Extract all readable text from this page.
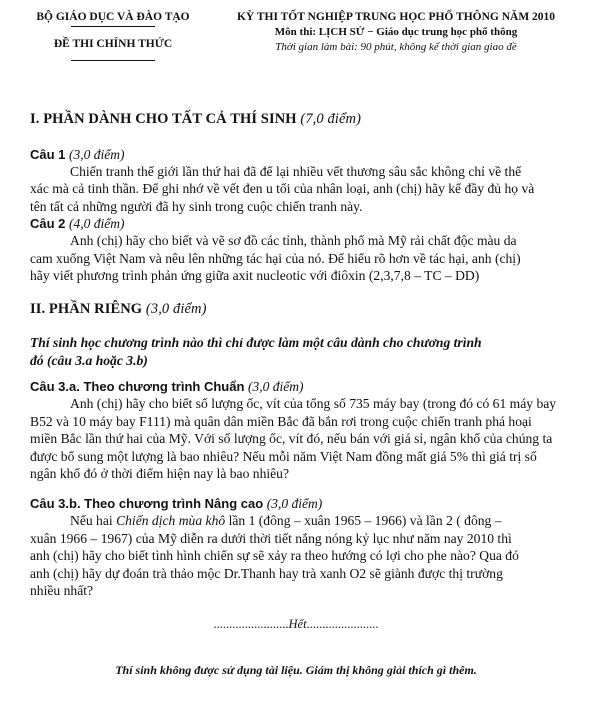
BỘ GIÁO DỤC VÀ ĐÀO TẠO
ĐỀ THI CHÍNH THỨC
KỲ THI TỐT NGHIỆP TRUNG HỌC PHỔ THÔNG NĂM 2010
Môn thi: LỊCH SỬ − Giáo dục trung học phổ thông
Thời gian làm bài: 90 phút, không kể thời gian giao đề
I. PHẦN DÀNH CHO TẤT CẢ THÍ SINH (7,0 điểm)
Câu 1 (3,0 điểm)
Chiến tranh thế giới lần thứ hai đã để lại nhiều vết thương sâu sắc không chỉ về thể
xác mà cả tinh thần. Để ghi nhớ về vết đen u tối của nhân loại, anh (chị) hãy kể đầy đủ họ và
tên tất cả những người đã hy sinh trong cuộc chiến tranh này.
Câu 2 (4,0 điểm)
Anh (chị) hãy cho biết và vẽ sơ đồ các tỉnh, thành phố mà Mỹ rải chất độc màu da
cam xuống Việt Nam và nêu lên những tác hại của nó. Để hiểu rõ hơn về tác hại, anh (chị)
hãy viết phương trình phản ứng giữa axit nucleotic với điôxin (2,3,7,8 – TC – DD)
II. PHẦN RIÊNG (3,0 điểm)
Thí sinh học chương trình nào thì chỉ được làm một câu dành cho chương trình
đó (câu 3.a hoặc 3.b)
Câu 3.a. Theo chương trình Chuẩn (3,0 điểm)
Anh (chị) hãy cho biết số lượng ốc, vít của tổng số 735 máy bay (trong đó có 61 máy bay
B52 và 10 máy bay F111) mà quân dân miền Bắc đã bắn rơi trong cuộc chiến tranh phá hoại
miền Bắc lần thứ hai của Mỹ. Với số lượng ốc, vít đó, nếu bán với giá sỉ, ngân khố của chúng ta
được bổ sung một lượng là bao nhiêu? Nếu mỗi năm Việt Nam đồng mất giá 5% thì giá trị số
ngân khố đó ở thời điểm hiện nay là bao nhiêu?
Câu 3.b. Theo chương trình Nâng cao (3,0 điểm)
Nếu hai Chiến dịch mùa khô lần 1 (đông – xuân 1965 – 1966) và lần 2 ( đông –
xuân 1966 – 1967) của Mỹ diễn ra dưới thời tiết nắng nóng kỷ lục như năm nay 2010 thì
anh (chị) hãy cho biết tình hình chiến sự sẽ xảy ra theo hướng có lợi cho phe nào? Qua đó
anh (chị) hãy dự đoán trà thảo mộc Dr.Thanh hay trà xanh O2 sẽ giành được thị trường
nhiều nhất?
........................Hết.......................
Thí sinh không được sử dụng tài liệu. Giám thị không giải thích gì thêm.
